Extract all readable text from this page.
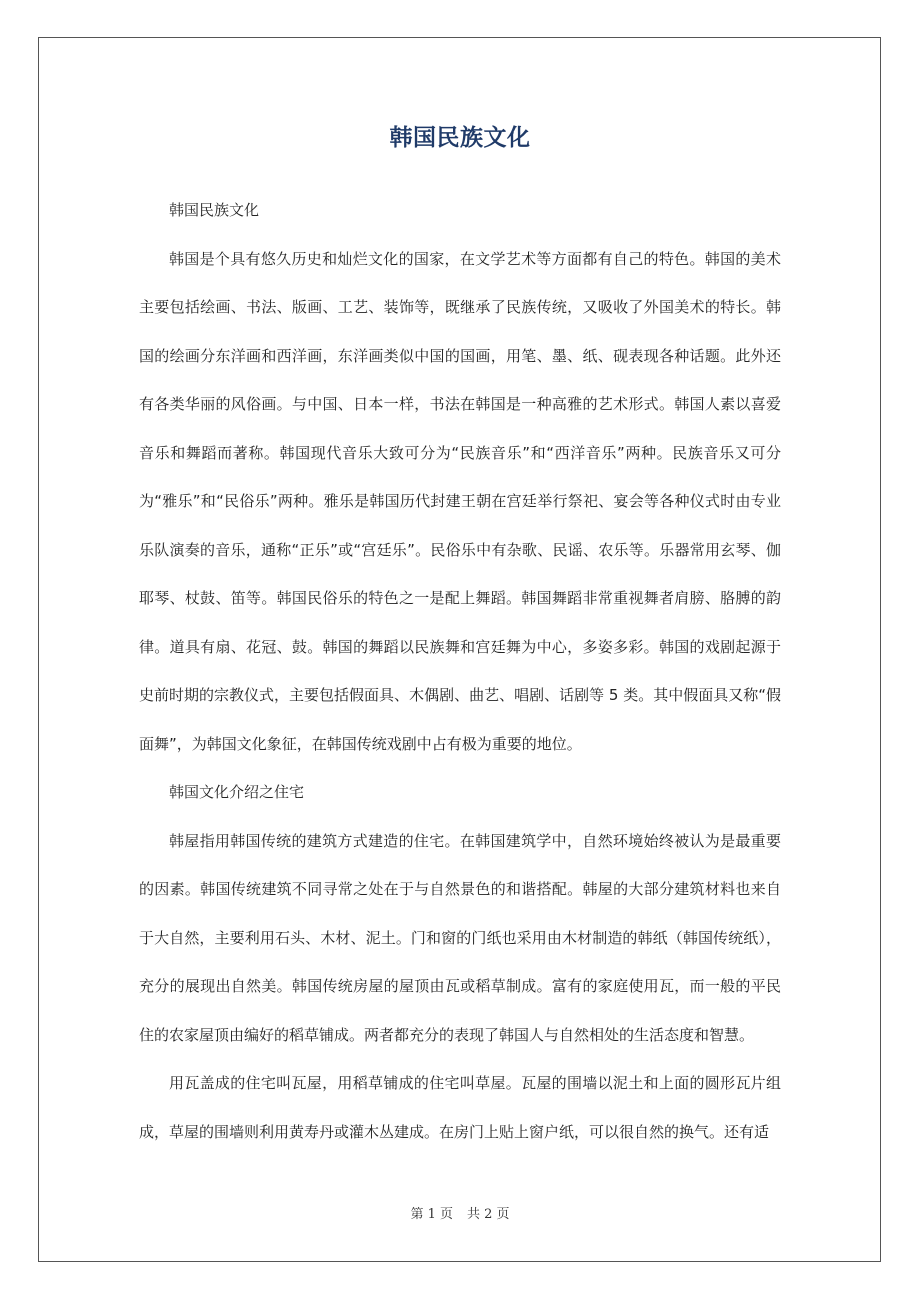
韩国民族文化

韩国民族文化

韩国是个具有悠久历史和灿烂文化的国家，在文学艺术等方面都有自己的特色。韩国的美术主要包括绘画、书法、版画、工艺、装饰等，既继承了民族传统，又吸收了外国美术的特长。韩国的绘画分东洋画和西洋画，东洋画类似中国的国画，用笔、墨、纸、砚表现各种话题。此外还有各类华丽的风俗画。与中国、日本一样，书法在韩国是一种高雅的艺术形式。韩国人素以喜爱音乐和舞蹈而著称。韩国现代音乐大致可分为“民族音乐”和“西洋音乐”两种。民族音乐又可分为“雅乐”和“民俗乐”两种。雅乐是韩国历代封建王朝在宫廷举行祭祀、宴会等各种仪式时由专业乐队演奏的音乐，通称“正乐”或“宫廷乐”。民俗乐中有杂歌、民谣、农乐等。乐器常用玄琴、伽耶琴、杖鼓、笛等。韩国民俗乐的特色之一是配上舞蹈。韩国舞蹈非常重视舞者肩膀、胳膊的韵律。道具有扇、花冠、鼓。韩国的舞蹈以民族舞和宫廷舞为中心，多姿多彩。韩国的戏剧起源于史前时期的宗教仪式，主要包括假面具、木偶剧、曲艺、唱剧、话剧等 5 类。其中假面具又称“假面舞”，为韩国文化象征，在韩国传统戏剧中占有极为重要的地位。

韩国文化介绍之住宅

韩屋指用韩国传统的建筑方式建造的住宅。在韩国建筑学中，自然环境始终被认为是最重要的因素。韩国传统建筑不同寻常之处在于与自然景色的和谐搭配。韩屋的大部分建筑材料也来自于大自然，主要利用石头、木材、泥土。门和窗的门纸也采用由木材制造的韩纸（韩国传统纸），充分的展现出自然美。韩国传统房屋的屋顶由瓦或稻草制成。富有的家庭使用瓦，而一般的平民住的农家屋顶由编好的稻草铺成。两者都充分的表现了韩国人与自然相处的生活态度和智慧。

用瓦盖成的住宅叫瓦屋，用稻草铺成的住宅叫草屋。瓦屋的围墙以泥土和上面的圆形瓦片组成，草屋的围墙则利用黄寿丹或灌木丛建成。在房门上贴上窗户纸，可以很自然的换气。还有适

第 1 页 共 2 页
